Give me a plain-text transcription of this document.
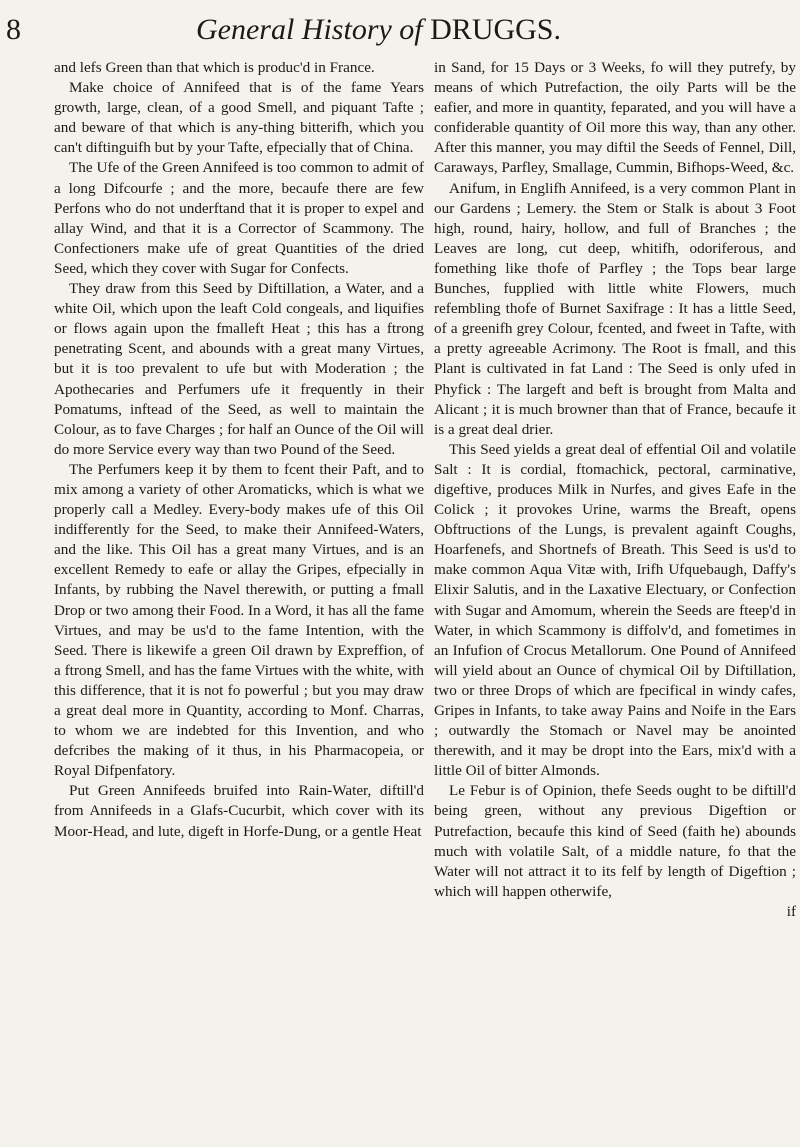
8	General History of DRUGGS.

and lefs Green than that which is produc'd in France.

Make choice of Annifeed that is of the fame Years growth, large, clean, of a good Smell, and piquant Tafte ; and beware of that which is any-thing bitterifh, which you can't diftinguifh but by your Tafte, efpecially that of China.

The Ufe of the Green Annifeed is too common to admit of a long Difcourfe ; and the more, becaufe there are few Perfons who do not underftand that it is proper to expel and allay Wind, and that it is a Corrector of Scammony. The Confectioners make ufe of great Quantities of the dried Seed, which they cover with Sugar for Confects.

They draw from this Seed by Diftillation, a Water, and a white Oil, which upon the leaft Cold congeals, and liquifies or flows again upon the fmalleft Heat ; this has a ftrong penetrating Scent, and abounds with a great many Virtues, but it is too prevalent to ufe but with Moderation ; the Apothecaries and Perfumers ufe it frequently in their Pomatums, inftead of the Seed, as well to maintain the Colour, as to fave Charges ; for half an Ounce of the Oil will do more Service every way than two Pound of the Seed.

The Perfumers keep it by them to fcent their Paft, and to mix among a variety of other Aromaticks, which is what we properly call a Medley. Every-body makes ufe of this Oil indifferently for the Seed, to make their Annifeed-Waters, and the like. This Oil has a great many Virtues, and is an excellent Remedy to eafe or allay the Gripes, efpecially in Infants, by rubbing the Navel therewith, or putting a fmall Drop or two among their Food. In a Word, it has all the fame Virtues, and may be us'd to the fame Intention, with the Seed. There is likewife a green Oil drawn by Expreffion, of a ftrong Smell, and has the fame Virtues with the white, with this difference, that it is not fo powerful ; but you may draw a great deal more in Quantity, according to Monf. Charras, to whom we are indebted for this Invention, and who defcribes the making of it thus, in his Pharmacopeia, or Royal Difpenfatory.

Put Green Annifeeds bruifed into Rain-Water, diftill'd from Annifeeds in a Glafs-Cucurbit, which cover with its Moor-Head, and lute, digeft in Horfe-Dung, or a gentle Heat

in Sand, for 15 Days or 3 Weeks, fo will they putrefy, by means of which Putrefaction, the oily Parts will be the eafier, and more in quantity, feparated, and you will have a confiderable quantity of Oil more this way, than any other. After this manner, you may diftil the Seeds of Fennel, Dill, Caraways, Parfley, Smallage, Cummin, Bifhops-Weed, &c.

Anifum, in Englifh Annifeed, is a very common Plant in our Gardens ; Lemery. the Stem or Stalk is about 3 Foot high, round, hairy, hollow, and full of Branches ; the Leaves are long, cut deep, whitifh, odoriferous, and fomething like thofe of Parfley ; the Tops bear large Bunches, fupplied with little white Flowers, much refembling thofe of Burnet Saxifrage : It has a little Seed, of a greenifh grey Colour, fcented, and fweet in Tafte, with a pretty agreeable Acrimony. The Root is fmall, and this Plant is cultivated in fat Land : The Seed is only ufed in Phyfick : The largeft and beft is brought from Malta and Alicant ; it is much browner than that of France, becaufe it is a great deal drier.

This Seed yields a great deal of effential Oil and volatile Salt : It is cordial, ftomachick, pectoral, carminative, digeftive, produces Milk in Nurfes, and gives Eafe in the Colick ; it provokes Urine, warms the Breaft, opens Obftructions of the Lungs, is prevalent againft Coughs, Hoarfenefs, and Shortnefs of Breath. This Seed is us'd to make common Aqua Vitæ with, Irifh Ufquebaugh, Daffy's Elixir Salutis, and in the Laxative Electuary, or Confection with Sugar and Amomum, wherein the Seeds are fteep'd in Water, in which Scammony is diffolv'd, and fometimes in an Infufion of Crocus Metallorum. One Pound of Annifeed will yield about an Ounce of chymical Oil by Diftillation, two or three Drops of which are fpecifical in windy cafes, Gripes in Infants, to take away Pains and Noife in the Ears ; outwardly the Stomach or Navel may be anointed therewith, and it may be dropt into the Ears, mix'd with a little Oil of bitter Almonds.

Le Febur is of Opinion, thefe Seeds ought to be diftill'd being green, without any previous Digeftion or Putrefaction, becaufe this kind of Seed (faith he) abounds much with volatile Salt, of a middle nature, fo that the Water will not attract it to its felf by length of Digeftion ; which will happen otherwife,

if
